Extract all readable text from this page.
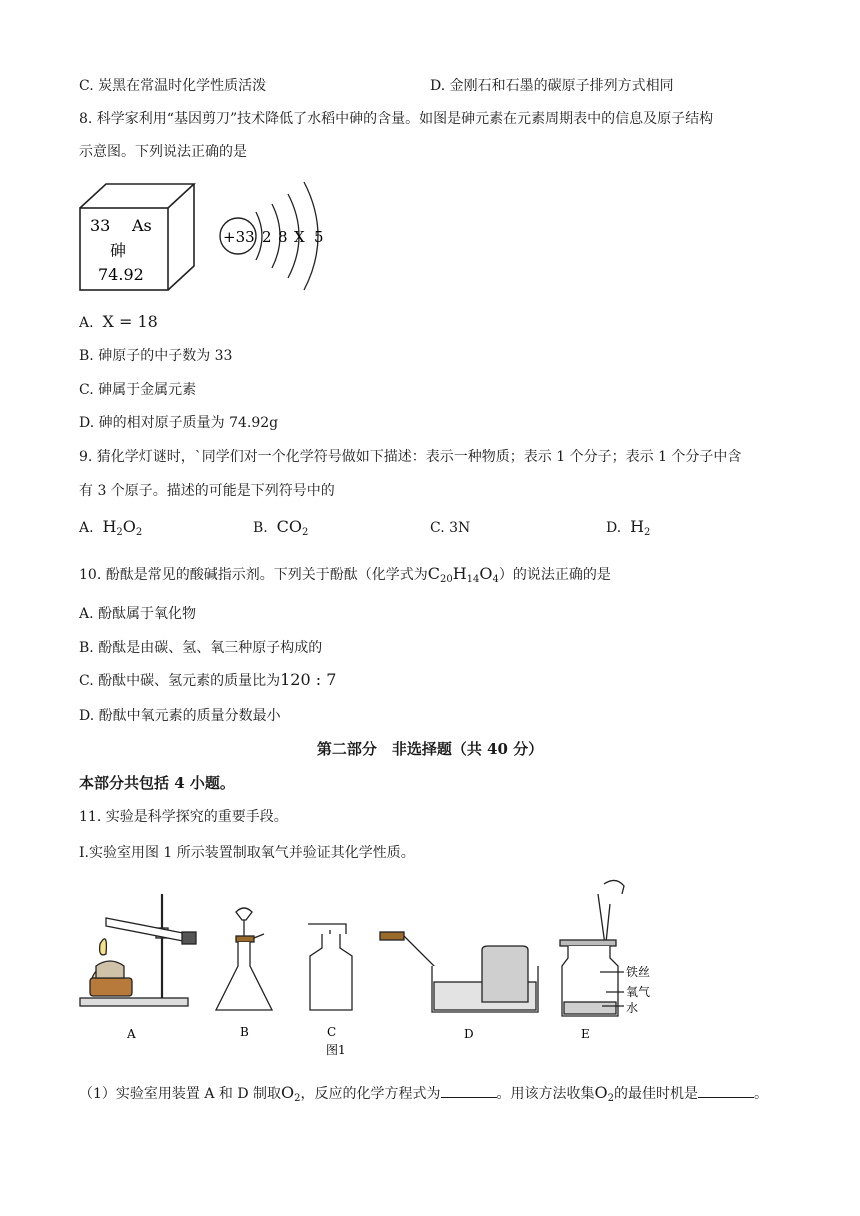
C. 炭黑在常温时化学性质活泼	D. 金刚石和石墨的碳原子排列方式相同
8. 科学家利用“基因剪刀”技术降低了水稻中砷的含量。如图是砷元素在元素周期表中的信息及原子结构
示意图。下列说法正确的是
33 As
砷
74.92
+33 2 8 X 5
A. X = 18
B. 砷原子的中子数为 33
C. 砷属于金属元素
D. 砷的相对原子质量为 74.92g
9. 猜化学灯谜时，`同学们对一个化学符号做如下描述：表示一种物质；表示 1 个分子；表示 1 个分子中含
有 3 个原子。描述的可能是下列符号中的
A. $H_2O_2$	B. $CO_2$	C. 3N	D. $H_2$
10. 酚酞是常见的酸碱指示剂。下列关于酚酞（化学式为$C_{20}H_{14}O_4$）的说法正确的是
A. 酚酞属于氧化物
B. 酚酞是由碳、氢、氧三种原子构成的
C. 酚酞中碳、氢元素的质量比为120 : 7
D. 酚酞中氧元素的质量分数最小
第二部分　非选择题（共 40 分）
本部分共包括 4 小题。
11. 实验是科学探究的重要手段。
I.实验室用图 1 所示装置制取氧气并验证其化学性质。
铁丝
氧气
水
A	B	C	D	E
图1
（1）实验室用装置 A 和 D 制取$O_2$，反应的化学方程式为	。用该方法收集$O_2$的最佳时机是	。
